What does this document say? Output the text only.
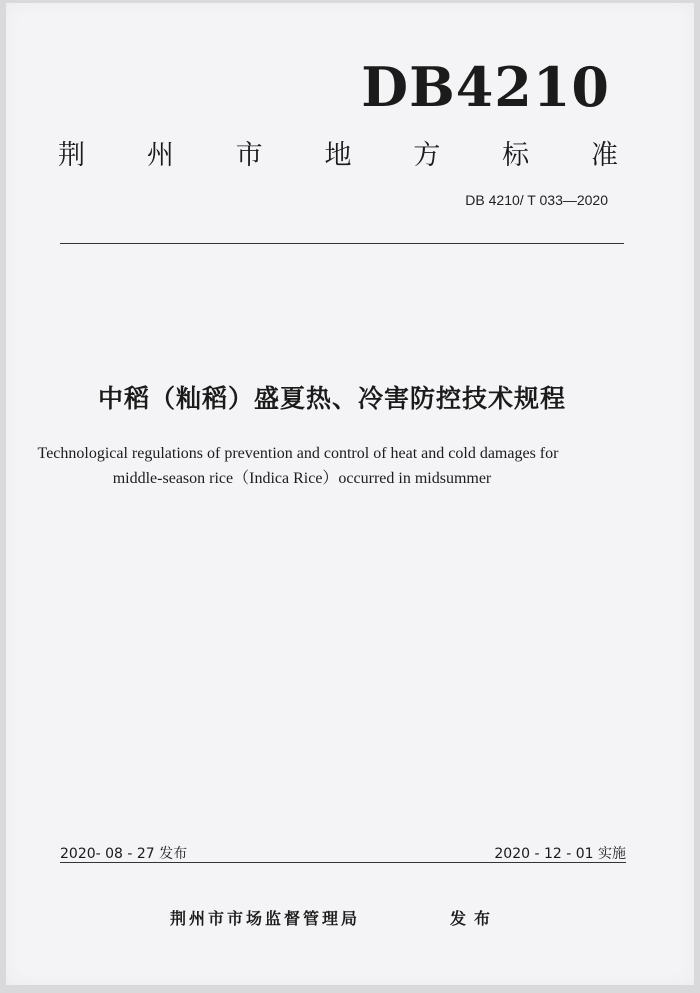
DB4210
荆 州 市 地 方 标 准
DB 4210/ T 033—2020
中稻（籼稻）盛夏热、冷害防控技术规程
Technological regulations of prevention and control of heat and cold damages for
middle-season rice（Indica Rice）occurred in midsummer
2020- 08 - 27 发布	2020 - 12 - 01 实施
荆州市市场监督管理局	发布
